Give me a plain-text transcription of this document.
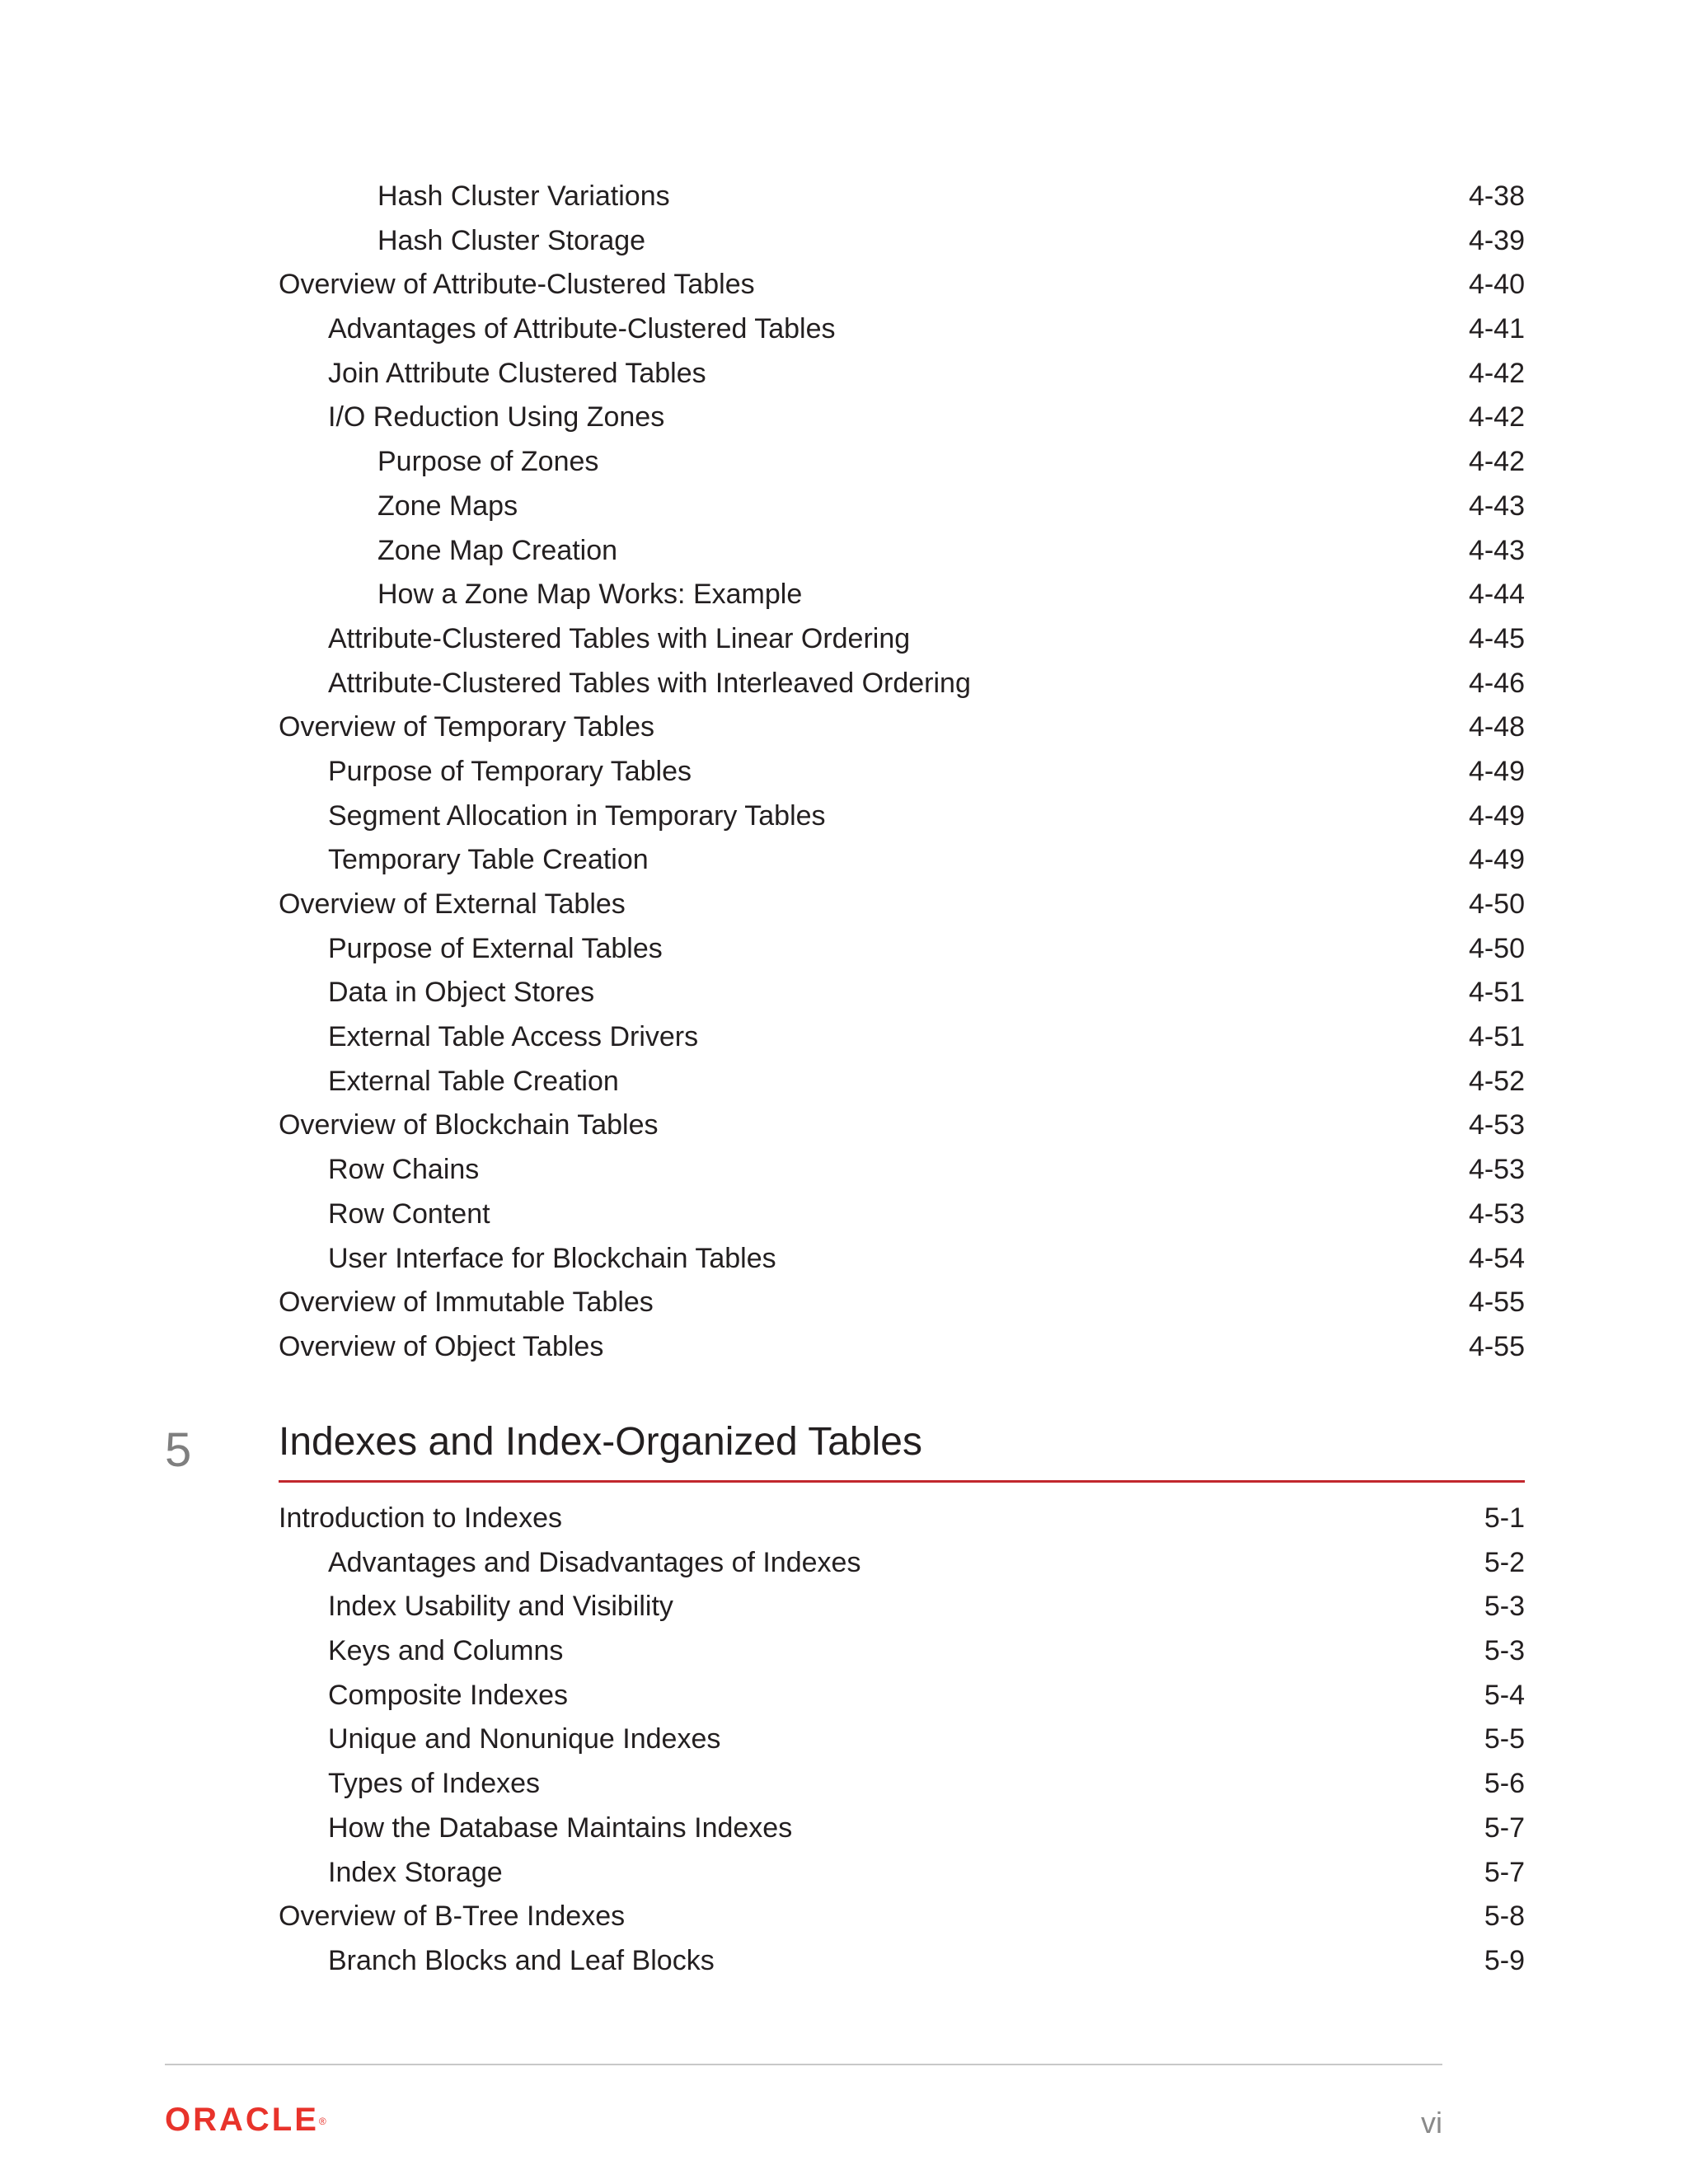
Hash Cluster Variations	4-38
Hash Cluster Storage	4-39
Overview of Attribute-Clustered Tables	4-40
Advantages of Attribute-Clustered Tables	4-41
Join Attribute Clustered Tables	4-42
I/O Reduction Using Zones	4-42
Purpose of Zones	4-42
Zone Maps	4-43
Zone Map Creation	4-43
How a Zone Map Works: Example	4-44
Attribute-Clustered Tables with Linear Ordering	4-45
Attribute-Clustered Tables with Interleaved Ordering	4-46
Overview of Temporary Tables	4-48
Purpose of Temporary Tables	4-49
Segment Allocation in Temporary Tables	4-49
Temporary Table Creation	4-49
Overview of External Tables	4-50
Purpose of External Tables	4-50
Data in Object Stores	4-51
External Table Access Drivers	4-51
External Table Creation	4-52
Overview of Blockchain Tables	4-53
Row Chains	4-53
Row Content	4-53
User Interface for Blockchain Tables	4-54
Overview of Immutable Tables	4-55
Overview of Object Tables	4-55
5 Indexes and Index-Organized Tables
Introduction to Indexes	5-1
Advantages and Disadvantages of Indexes	5-2
Index Usability and Visibility	5-3
Keys and Columns	5-3
Composite Indexes	5-4
Unique and Nonunique Indexes	5-5
Types of Indexes	5-6
How the Database Maintains Indexes	5-7
Index Storage	5-7
Overview of B-Tree Indexes	5-8
Branch Blocks and Leaf Blocks	5-9
ORACLE®	vi
